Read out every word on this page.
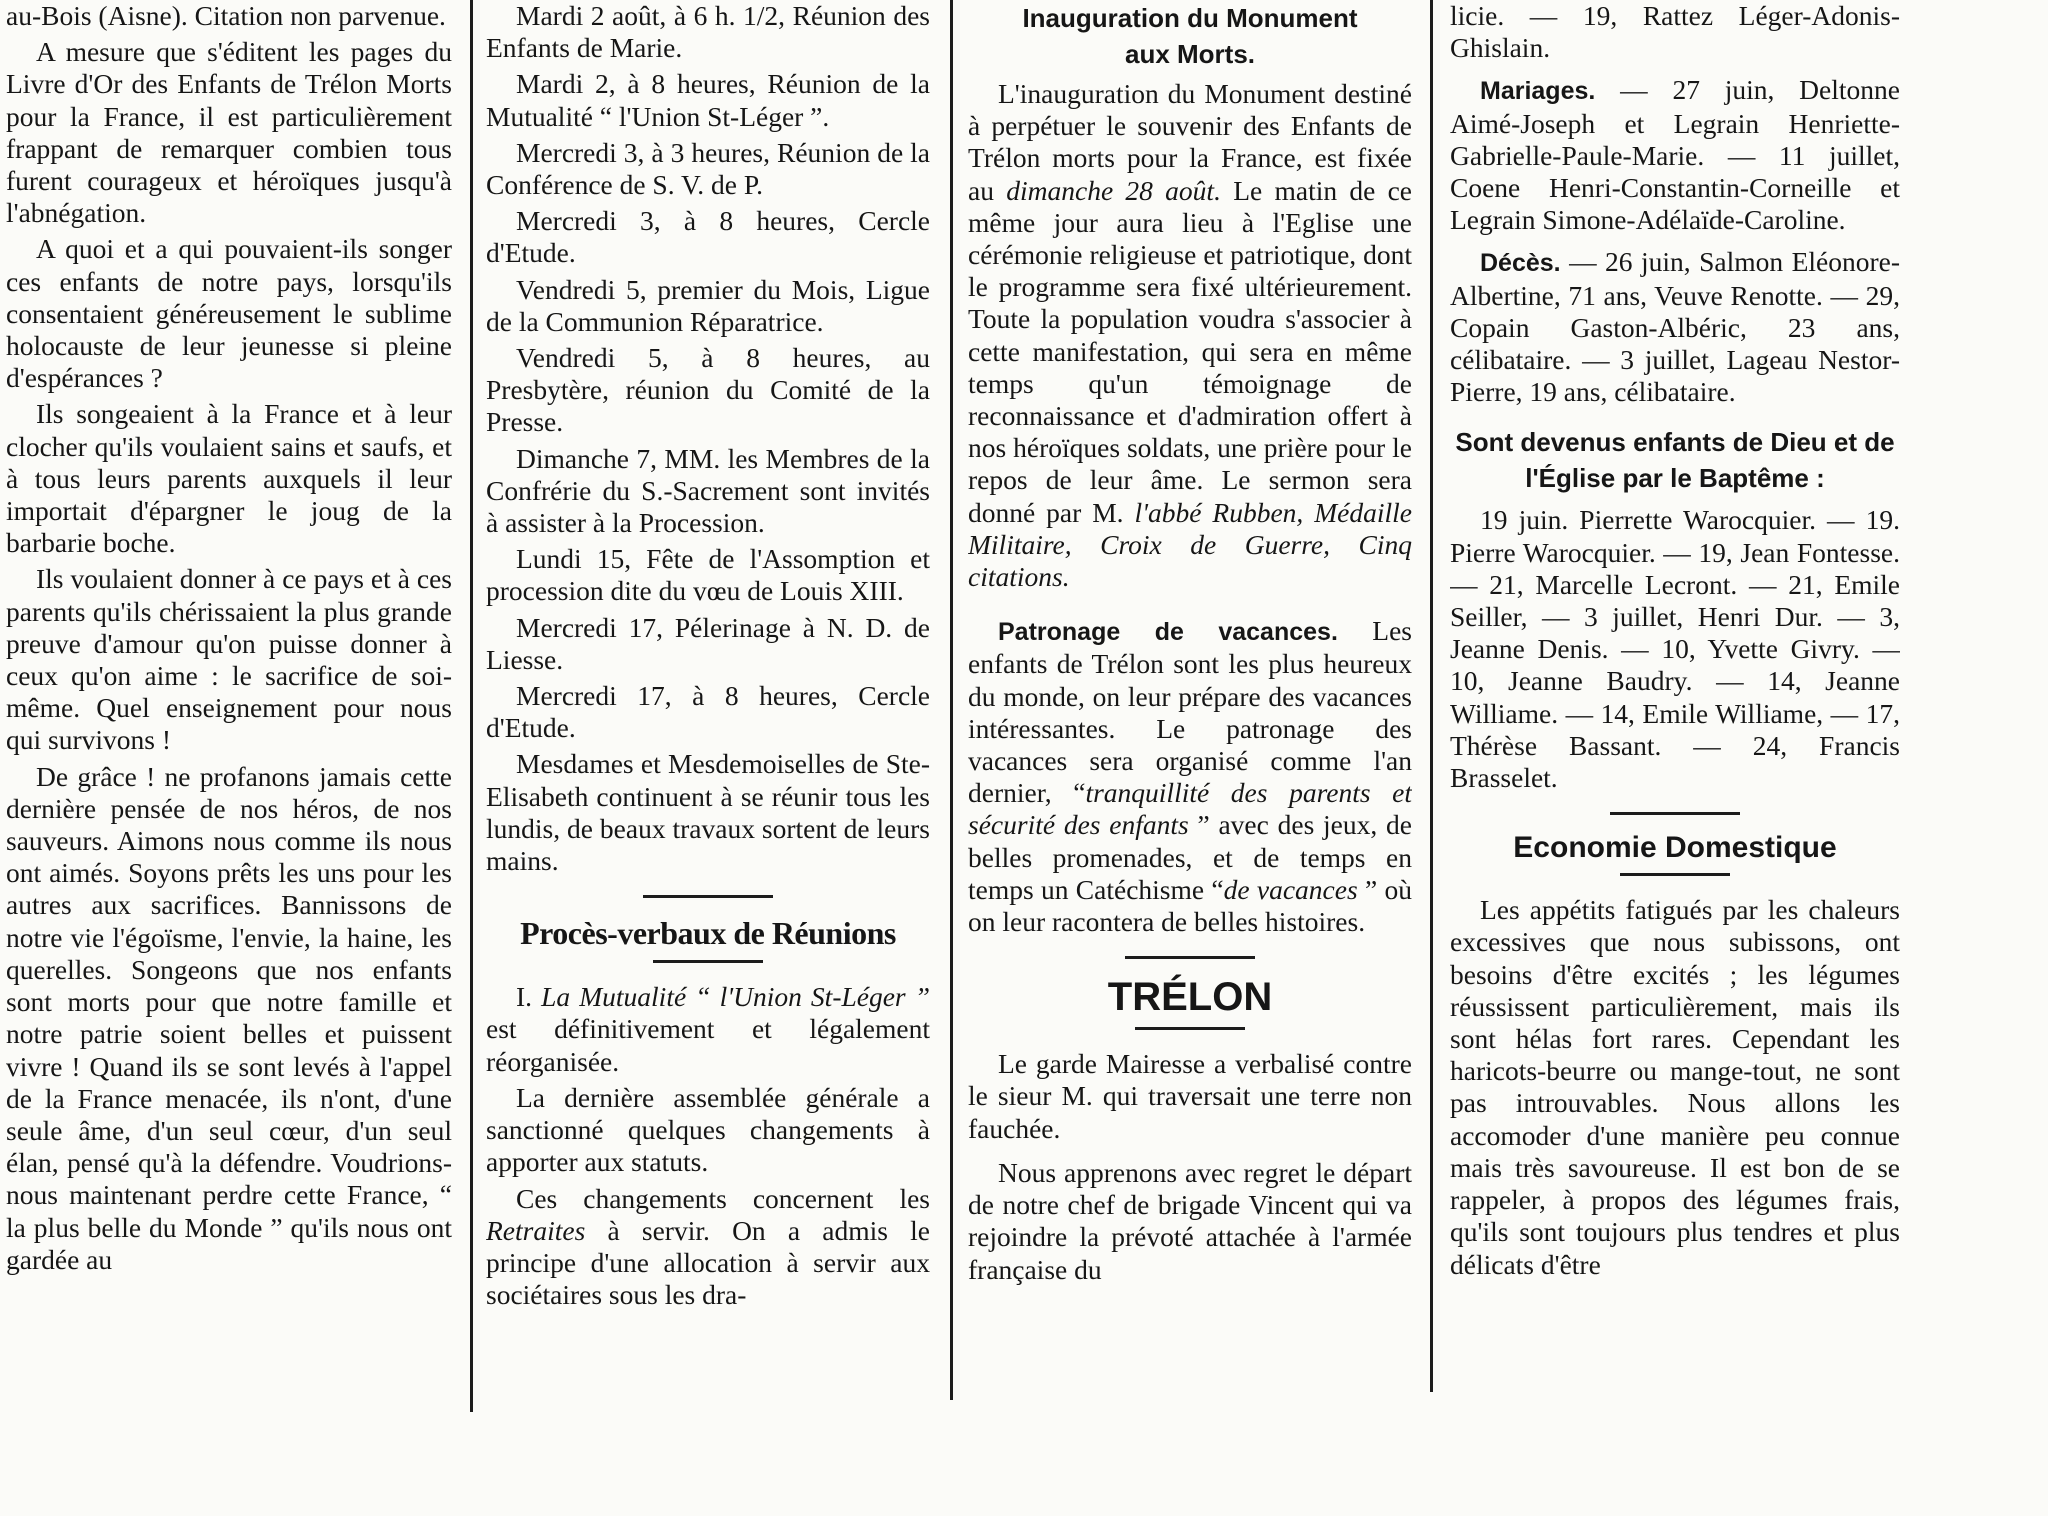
au-Bois (Aisne). Citation non parvenue.

A mesure que s'éditent les pages du Livre d'Or des Enfants de Trélon Morts pour la France, il est particulièrement frappant de remarquer combien tous furent courageux et héroïques jusqu'à l'abnégation.

A quoi et a qui pouvaient-ils songer ces enfants de notre pays, lorsqu'ils consentaient généreusement le sublime holocauste de leur jeunesse si pleine d'espérances ?

Ils songeaient à la France et à leur clocher qu'ils voulaient sains et saufs, et à tous leurs parents auxquels il leur importait d'épargner le joug de la barbarie boche.

Ils voulaient donner à ce pays et à ces parents qu'ils chérissaient la plus grande preuve d'amour qu'on puisse donner à ceux qu'on aime : le sacrifice de soi-même. Quel enseignement pour nous qui survivons !

De grâce ! ne profanons jamais cette dernière pensée de nos héros, de nos sauveurs. Aimons nous comme ils nous ont aimés. Soyons prêts les uns pour les autres aux sacrifices. Bannissons de notre vie l'égoïsme, l'envie, la haine, les querelles. Songeons que nos enfants sont morts pour que notre famille et notre patrie soient belles et puissent vivre ! Quand ils se sont levés à l'appel de la France menacée, ils n'ont, d'une seule âme, d'un seul cœur, d'un seul élan, pensé qu'à la défendre. Voudrions-nous maintenant perdre cette France, “ la plus belle du Monde ” qu'ils nous ont gardée au

Mardi 2 août, à 6 h. 1/2, Réunion des Enfants de Marie.

Mardi 2, à 8 heures, Réunion de la Mutualité “ l'Union St-Léger ”.

Mercredi 3, à 3 heures, Réunion de la Conférence de S. V. de P.

Mercredi 3, à 8 heures, Cercle d'Etude.

Vendredi 5, premier du Mois, Ligue de la Communion Réparatrice.

Vendredi 5, à 8 heures, au Presbytère, réunion du Comité de la Presse.

Dimanche 7, MM. les Membres de la Confrérie du S.-Sacrement sont invités à assister à la Procession.

Lundi 15, Fête de l'Assomption et procession dite du vœu de Louis XIII.

Mercredi 17, Pélerinage à N. D. de Liesse.

Mercredi 17, à 8 heures, Cercle d'Etude.

Mesdames et Mesdemoiselles de Ste-Elisabeth continuent à se réunir tous les lundis, de beaux travaux sortent de leurs mains.

Procès-verbaux de Réunions

I. La Mutualité “ l'Union St-Léger ” est définitivement et légalement réorganisée.

La dernière assemblée générale a sanctionné quelques changements à apporter aux statuts.

Ces changements concernent les Retraites à servir. On a admis le principe d'une allocation à servir aux sociétaires sous les dra-

Inauguration du Monument aux Morts.

L'inauguration du Monument destiné à perpétuer le souvenir des Enfants de Trélon morts pour la France, est fixée au dimanche 28 août. Le matin de ce même jour aura lieu à l'Eglise une cérémonie religieuse et patriotique, dont le programme sera fixé ultérieurement. Toute la population voudra s'associer à cette manifestation, qui sera en même temps qu'un témoignage de reconnaissance et d'admiration offert à nos héroïques soldats, une prière pour le repos de leur âme. Le sermon sera donné par M. l'abbé Rubben, Médaille Militaire, Croix de Guerre, Cinq citations.

Patronage de vacances. Les enfants de Trélon sont les plus heureux du monde, on leur prépare des vacances intéressantes. Le patronage des vacances sera organisé comme l'an dernier, “tranquillité des parents et sécurité des enfants ” avec des jeux, de belles promenades, et de temps en temps un Catéchisme “de vacances ” où on leur racontera de belles histoires.

TRÉLON

Le garde Mairesse a verbalisé contre le sieur M. qui traversait une terre non fauchée.

Nous apprenons avec regret le départ de notre chef de brigade Vincent qui va rejoindre la prévoté attachée à l'armée française du

licie. — 19, Rattez Léger-Adonis-Ghislain.

Mariages. — 27 juin, Deltonne Aimé-Joseph et Legrain Henriette-Gabrielle-Paule-Marie. — 11 juillet, Coene Henri-Constantin-Corneille et Legrain Simone-Adélaïde-Caroline.

Décès. — 26 juin, Salmon Eléonore-Albertine, 71 ans, Veuve Renotte. — 29, Copain Gaston-Albéric, 23 ans, célibataire. — 3 juillet, Lageau Nestor-Pierre, 19 ans, célibataire.

Sont devenus enfants de Dieu et de l'Église par le Baptême :

19 juin. Pierrette Warocquier. — 19. Pierre Warocquier. — 19, Jean Fontesse. — 21, Marcelle Lecront. — 21, Emile Seiller, — 3 juillet, Henri Dur. — 3, Jeanne Denis. — 10, Yvette Givry. — 10, Jeanne Baudry. — 14, Jeanne Williame. — 14, Emile Williame, — 17, Thérèse Bassant. — 24, Francis Brasselet.

Economie Domestique

Les appétits fatigués par les chaleurs excessives que nous subissons, ont besoins d'être excités ; les légumes réussissent particulièrement, mais ils sont hélas fort rares. Cependant les haricots-beurre ou mange-tout, ne sont pas introuvables. Nous allons les accomoder d'une manière peu connue mais très savoureuse. Il est bon de se rappeler, à propos des légumes frais, qu'ils sont toujours plus tendres et plus délicats d'être
